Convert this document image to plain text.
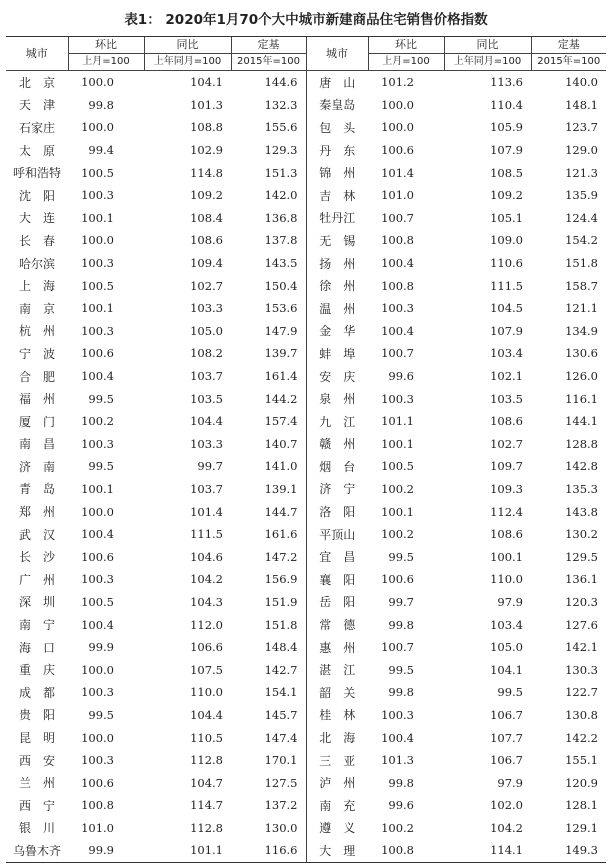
表1： 2020年1月70个大中城市新建商品住宅销售价格指数
城市	环比	同比	定基	城市	环比	同比	定基
	上月=100	上年同月=100	2015年=100		上月=100	上年同月=100	2015年=100
北　京	100.0	104.1	144.6	唐　山	101.2	113.6	140.0
天　津	99.8	101.3	132.3	秦皇岛	100.0	110.4	148.1
石家庄	100.0	108.8	155.6	包　头	100.0	105.9	123.7
太　原	99.4	102.9	129.3	丹　东	100.6	107.9	129.0
呼和浩特	100.5	114.8	151.3	锦　州	101.4	108.5	121.3
沈　阳	100.3	109.2	142.0	吉　林	101.0	109.2	135.9
大　连	100.1	108.4	136.8	牡丹江	100.7	105.1	124.4
长　春	100.0	108.6	137.8	无　锡	100.8	109.0	154.2
哈尔滨	100.3	109.4	143.5	扬　州	100.4	110.6	151.8
上　海	100.5	102.7	150.4	徐　州	100.8	111.5	158.7
南　京	100.1	103.3	153.6	温　州	100.3	104.5	121.1
杭　州	100.3	105.0	147.9	金　华	100.4	107.9	134.9
宁　波	100.6	108.2	139.7	蚌　埠	100.7	103.4	130.6
合　肥	100.4	103.7	161.4	安　庆	99.6	102.1	126.0
福　州	99.5	103.5	144.2	泉　州	100.3	103.5	116.1
厦　门	100.2	104.4	157.4	九　江	101.1	108.6	144.1
南　昌	100.3	103.3	140.7	赣　州	100.1	102.7	128.8
济　南	99.5	99.7	141.0	烟　台	100.5	109.7	142.8
青　岛	100.1	103.7	139.1	济　宁	100.2	109.3	135.3
郑　州	100.0	101.4	144.7	洛　阳	100.1	112.4	143.8
武　汉	100.4	111.5	161.6	平顶山	100.2	108.6	130.2
长　沙	100.6	104.6	147.2	宜　昌	99.5	100.1	129.5
广　州	100.3	104.2	156.9	襄　阳	100.6	110.0	136.1
深　圳	100.5	104.3	151.9	岳　阳	99.7	97.9	120.3
南　宁	100.4	112.0	151.8	常　德	99.8	103.4	127.6
海　口	99.9	106.6	148.4	惠　州	100.7	105.0	142.1
重　庆	100.0	107.5	142.7	湛　江	99.5	104.1	130.3
成　都	100.3	110.0	154.1	韶　关	99.8	99.5	122.7
贵　阳	99.5	104.4	145.7	桂　林	100.3	106.7	130.8
昆　明	100.0	110.5	147.4	北　海	100.4	107.7	142.2
西　安	100.3	112.8	170.1	三　亚	101.3	106.7	155.1
兰　州	100.6	104.7	127.5	泸　州	99.8	97.9	120.9
西　宁	100.8	114.7	137.2	南　充	99.6	102.0	128.1
银　川	101.0	112.8	130.0	遵　义	100.2	104.2	129.1
乌鲁木齐	99.9	101.1	116.6	大　理	100.8	114.1	149.3
